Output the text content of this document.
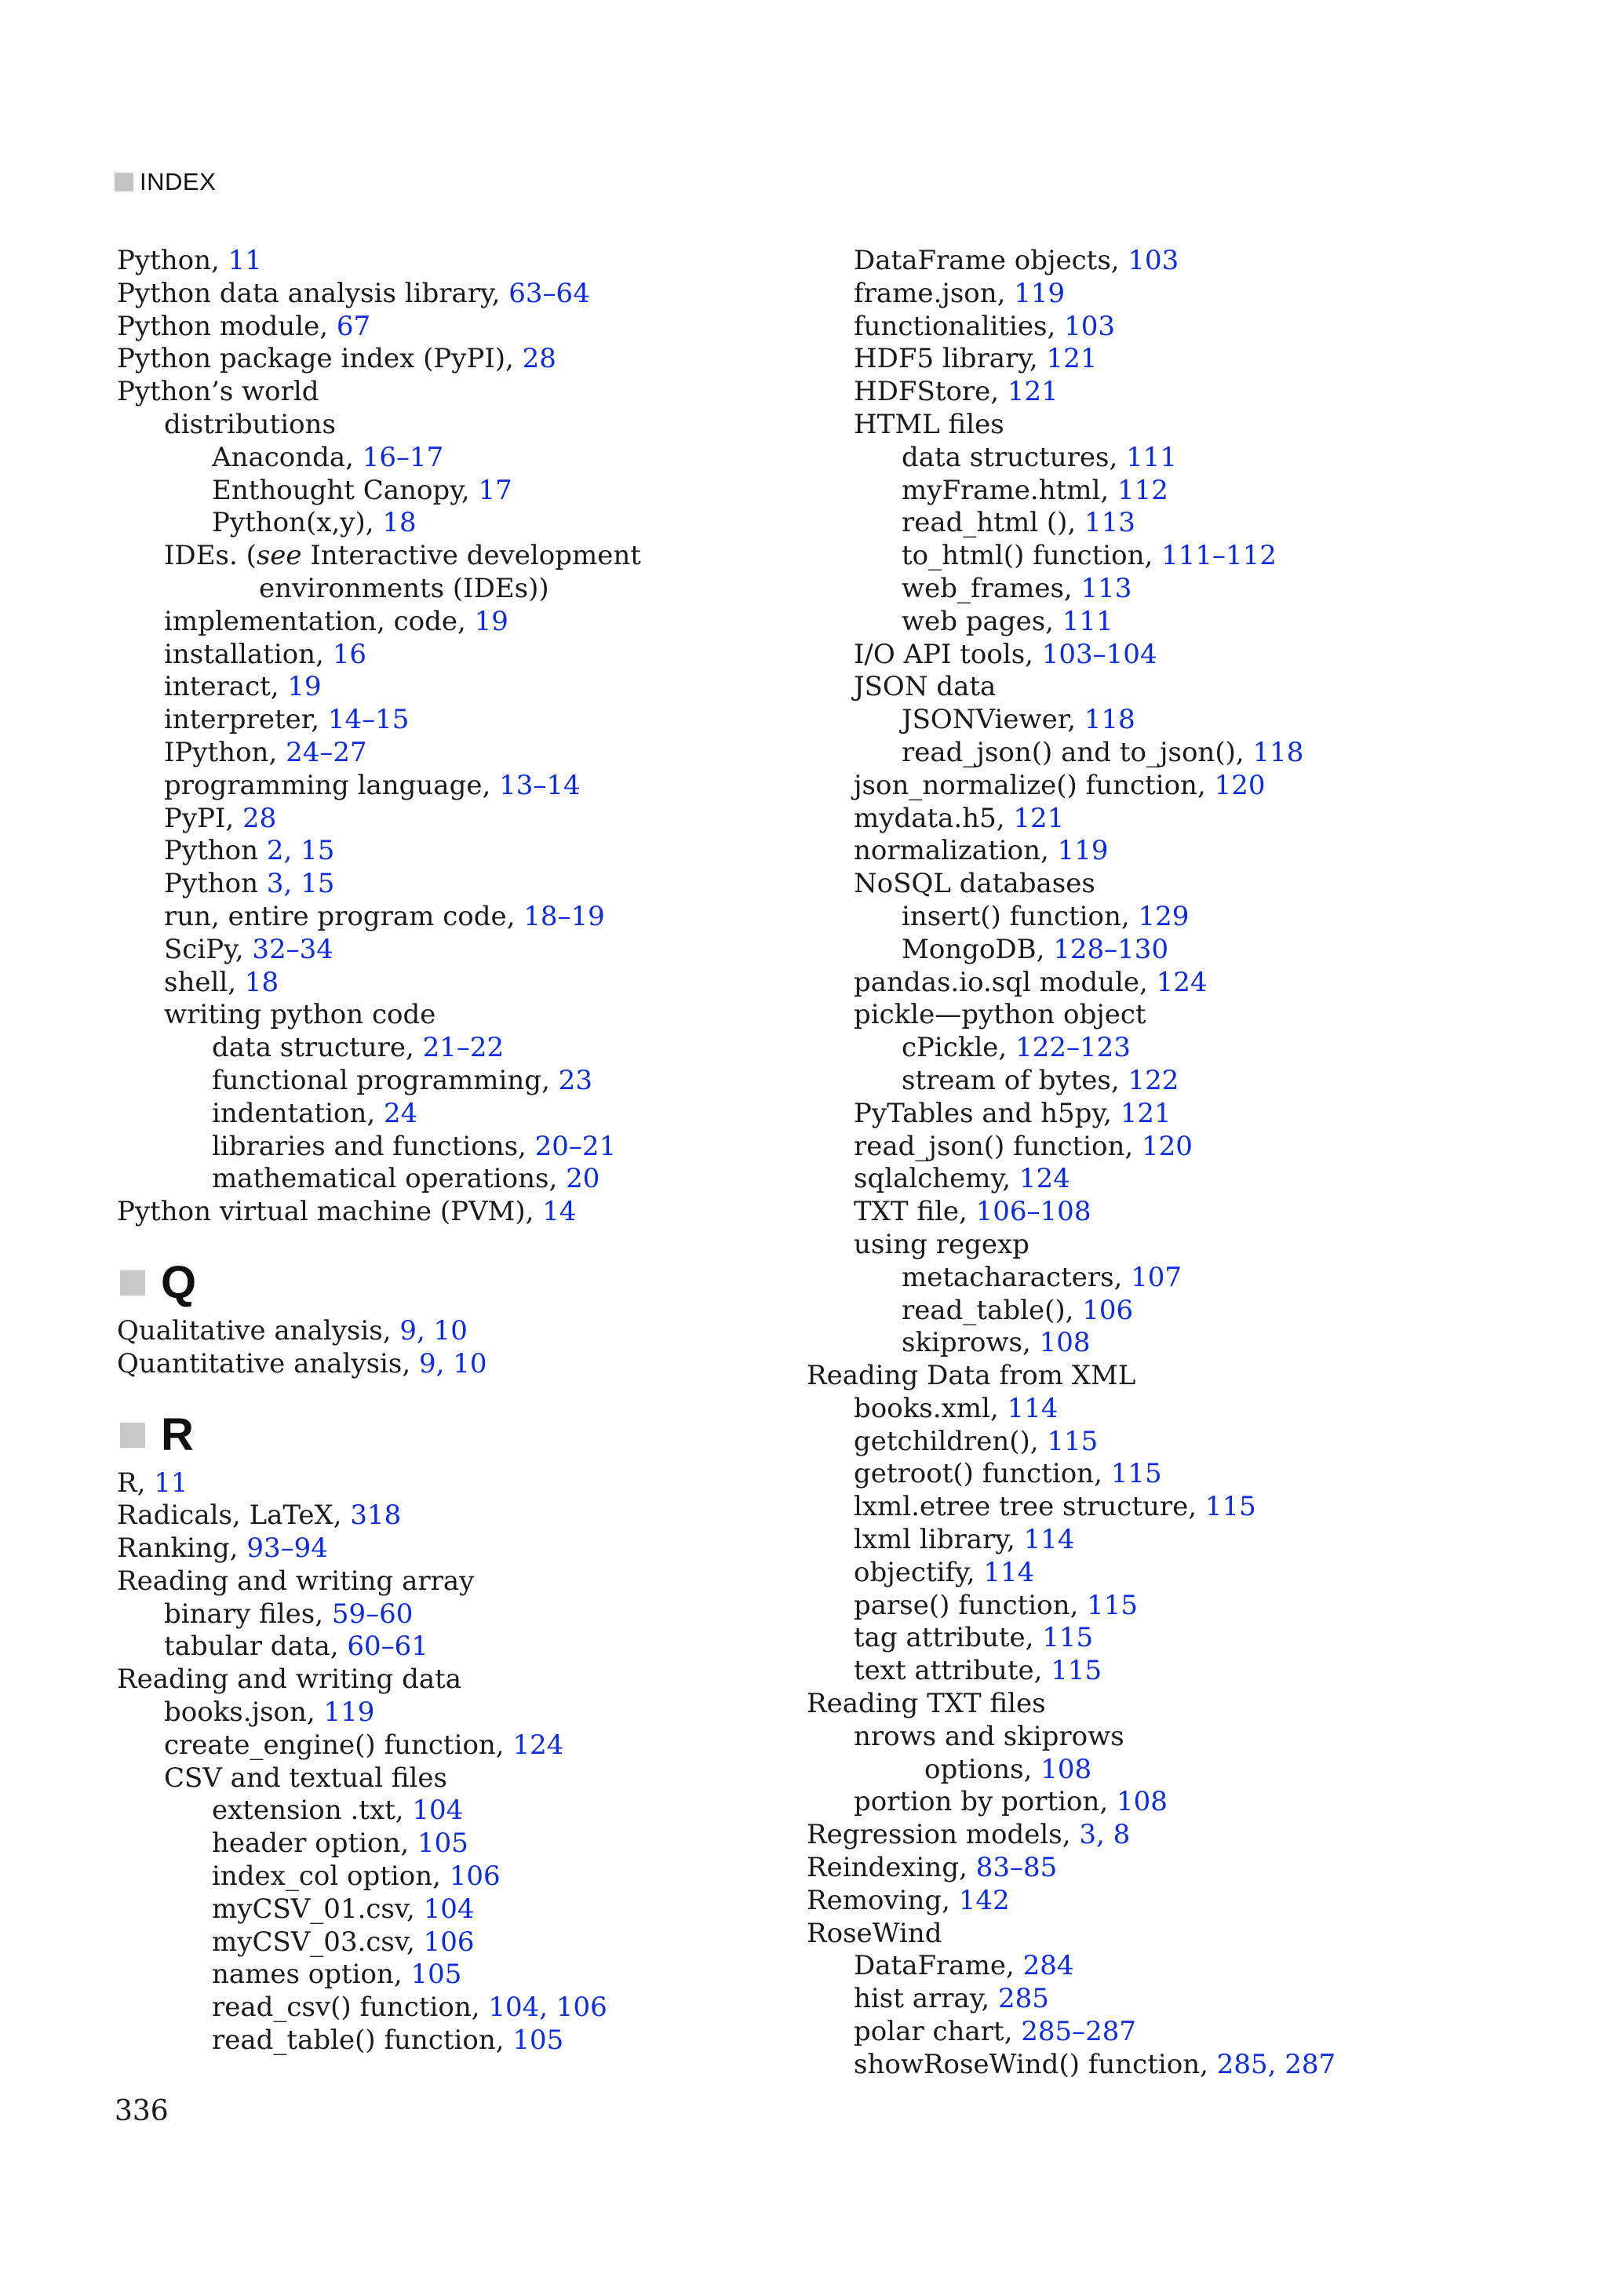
INDEX
Python, 11
Python data analysis library, 63–64
Python module, 67
Python package index (PyPI), 28
Python’s world
distributions
Anaconda, 16–17
Enthought Canopy, 17
Python(x,y), 18
IDEs. (see Interactive development
environments (IDEs))
implementation, code, 19
installation, 16
interact, 19
interpreter, 14–15
IPython, 24–27
programming language, 13–14
PyPI, 28
Python 2, 15
Python 3, 15
run, entire program code, 18–19
SciPy, 32–34
shell, 18
writing python code
data structure, 21–22
functional programming, 23
indentation, 24
libraries and functions, 20–21
mathematical operations, 20
Python virtual machine (PVM), 14
Q
Qualitative analysis, 9, 10
Quantitative analysis, 9, 10
R
R, 11
Radicals, LaTeX, 318
Ranking, 93–94
Reading and writing array
binary files, 59–60
tabular data, 60–61
Reading and writing data
books.json, 119
create_engine() function, 124
CSV and textual files
extension .txt, 104
header option, 105
index_col option, 106
myCSV_01.csv, 104
myCSV_03.csv, 106
names option, 105
read_csv() function, 104, 106
read_table() function, 105
DataFrame objects, 103
frame.json, 119
functionalities, 103
HDF5 library, 121
HDFStore, 121
HTML files
data structures, 111
myFrame.html, 112
read_html (), 113
to_html() function, 111–112
web_frames, 113
web pages, 111
I/O API tools, 103–104
JSON data
JSONViewer, 118
read_json() and to_json(), 118
json_normalize() function, 120
mydata.h5, 121
normalization, 119
NoSQL databases
insert() function, 129
MongoDB, 128–130
pandas.io.sql module, 124
pickle—python object
cPickle, 122–123
stream of bytes, 122
PyTables and h5py, 121
read_json() function, 120
sqlalchemy, 124
TXT file, 106–108
using regexp
metacharacters, 107
read_table(), 106
skiprows, 108
Reading Data from XML
books.xml, 114
getchildren(), 115
getroot() function, 115
lxml.etree tree structure, 115
lxml library, 114
objectify, 114
parse() function, 115
tag attribute, 115
text attribute, 115
Reading TXT files
nrows and skiprows
options, 108
portion by portion, 108
Regression models, 3, 8
Reindexing, 83–85
Removing, 142
RoseWind
DataFrame, 284
hist array, 285
polar chart, 285–287
showRoseWind() function, 285, 287
336
